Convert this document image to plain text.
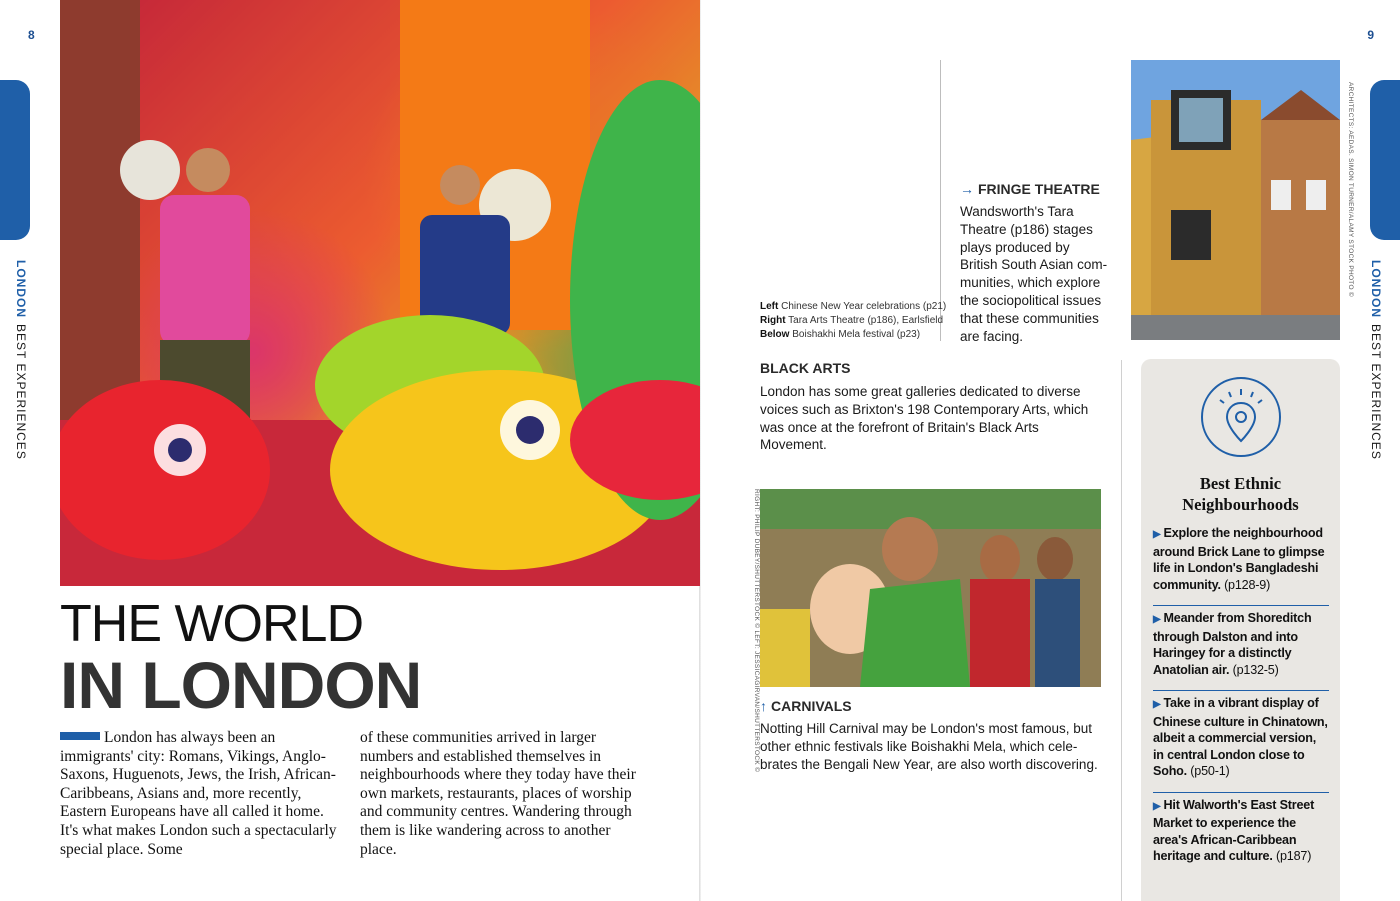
8	9
LONDONBEST EXPERIENCES
LONDONBEST EXPERIENCES
THE WORLD
IN LONDON

London has always been an immigrants' city: Romans, Vikings, Anglo-Saxons, Huguenots, Jews, the Irish, African-Caribbeans, Asians and, more recently, Eastern Europeans have all called it home. It's what makes London such a spectacularly special place. Some

of these communities arrived in larger numbers and established themselves in neighbourhoods where they today have their own markets, restaurants, places of worship and community centres. Wandering through them is like wandering across to another place.

Left Chinese New Year celebrations (p21)
Right Tara Arts Theatre (p186), Earlsfield
Below Boishakhi Mela festival (p23)
→ FRINGE THEATRE

Wandsworth's Tara Theatre (p186) stages plays produced by British South Asian com-munities, which explore the sociopolitical issues that these communities are facing.

ARCHITECTS: AEDAS. SIMON TURNER/ALAMY STOCK PHOTO ©
BLACK ARTS

London has some great galleries dedicated to diverse voices such as Brixton's 198 Contemporary Arts, which was once at the forefront of Britain's Black Arts Movement.

RIGHT: PHILIP DUBEY/SHUTTERSTOCK © LEFT: JESSICAGIRVAN/SHUTTERSTOCK © ↑ CARNIVALS

Notting Hill Carnival may be London's most famous, but other ethnic festivals like Boishakhi Mela, which cele-brates the Bengali New Year, are also worth discovering.

Best Ethnic
Neighbourhoods
▶ Explore the neighbourhood around Brick Lane to glimpse life in London's Bangladeshi community. (p128-9)
▶ Meander from Shoreditch through Dalston and into Haringey for a distinctly Anatolian air. (p132-5)
▶ Take in a vibrant display of Chinese culture in Chinatown, albeit a commercial version, in central London close to Soho. (p50-1)
▶ Hit Walworth's East Street Market to experience the area's African-Caribbean heritage and culture. (p187)
